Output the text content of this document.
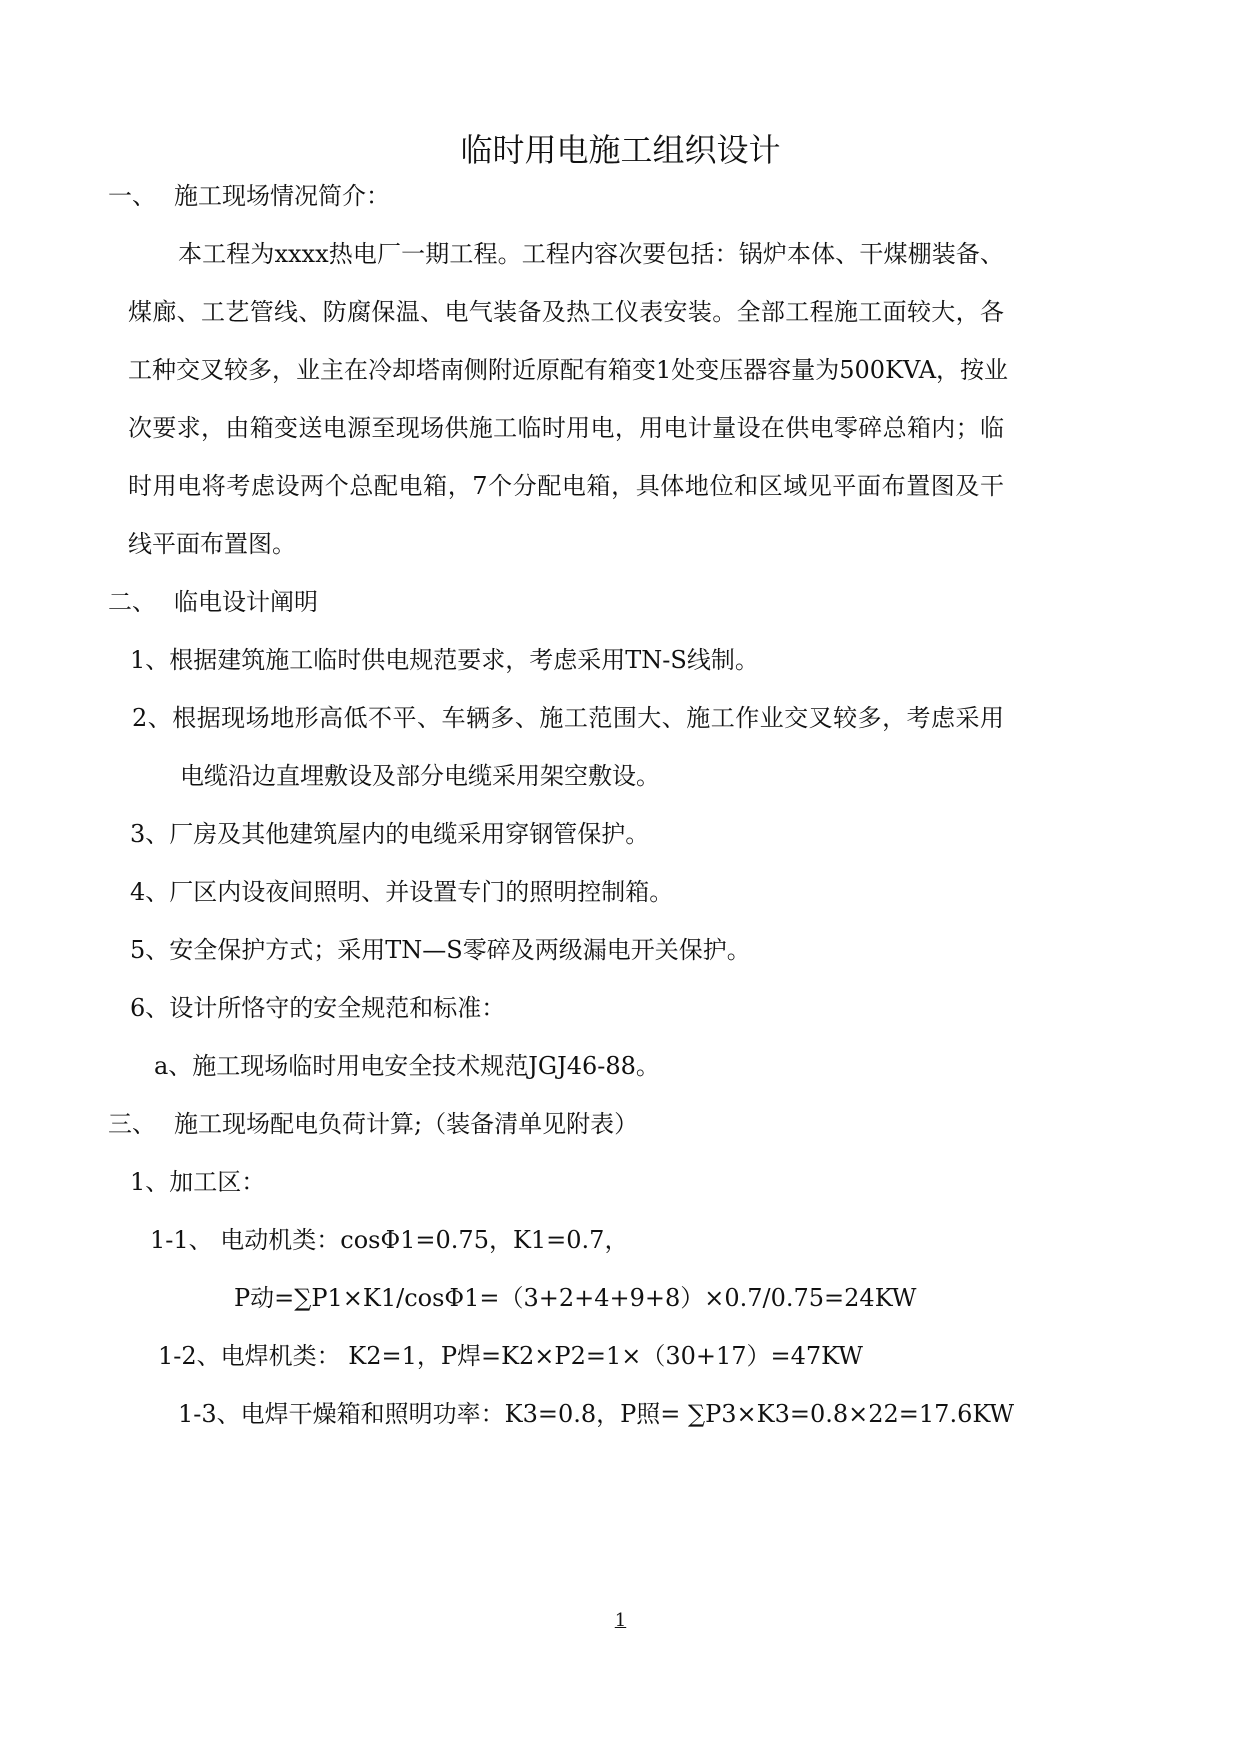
临时用电施工组织设计
一、 施工现场情况简介：
本工程为xxxx热电厂一期工程。工程内容次要包括：锅炉本体、干煤棚装备、
煤廊、工艺管线、防腐保温、电气装备及热工仪表安装。全部工程施工面较大，各
工种交叉较多，业主在冷却塔南侧附近原配有箱变1处变压器容量为500KVA，按业
次要求，由箱变送电源至现场供施工临时用电，用电计量设在供电零碎总箱内；临
时用电将考虑设两个总配电箱，7个分配电箱，具体地位和区域见平面布置图及干
线平面布置图。
二、 临电设计阐明
1、根据建筑施工临时供电规范要求，考虑采用TN-S线制。
2、根据现场地形高低不平、车辆多、施工范围大、施工作业交叉较多，考虑采用
电缆沿边直埋敷设及部分电缆采用架空敷设。
3、厂房及其他建筑屋内的电缆采用穿钢管保护。
4、厂区内设夜间照明、并设置专门的照明控制箱。
5、安全保护方式；采用TN—S零碎及两级漏电开关保护。
6、设计所恪守的安全规范和标准：
a、施工现场临时用电安全技术规范JGJ46-88。
三、 施工现场配电负荷计算;（装备清单见附表）
1、加工区：
1-1、 电动机类：cosΦ1=0.75，K1=0.7，
P动=∑P1×K1/cosΦ1=（3+2+4+9+8）×0.7/0.75=24KW
1-2、电焊机类： K2=1，P焊=K2×P2=1×（30+17）=47KW
1-3、电焊干燥箱和照明功率：K3=0.8，P照= ∑P3×K3=0.8×22=17.6KW
1
